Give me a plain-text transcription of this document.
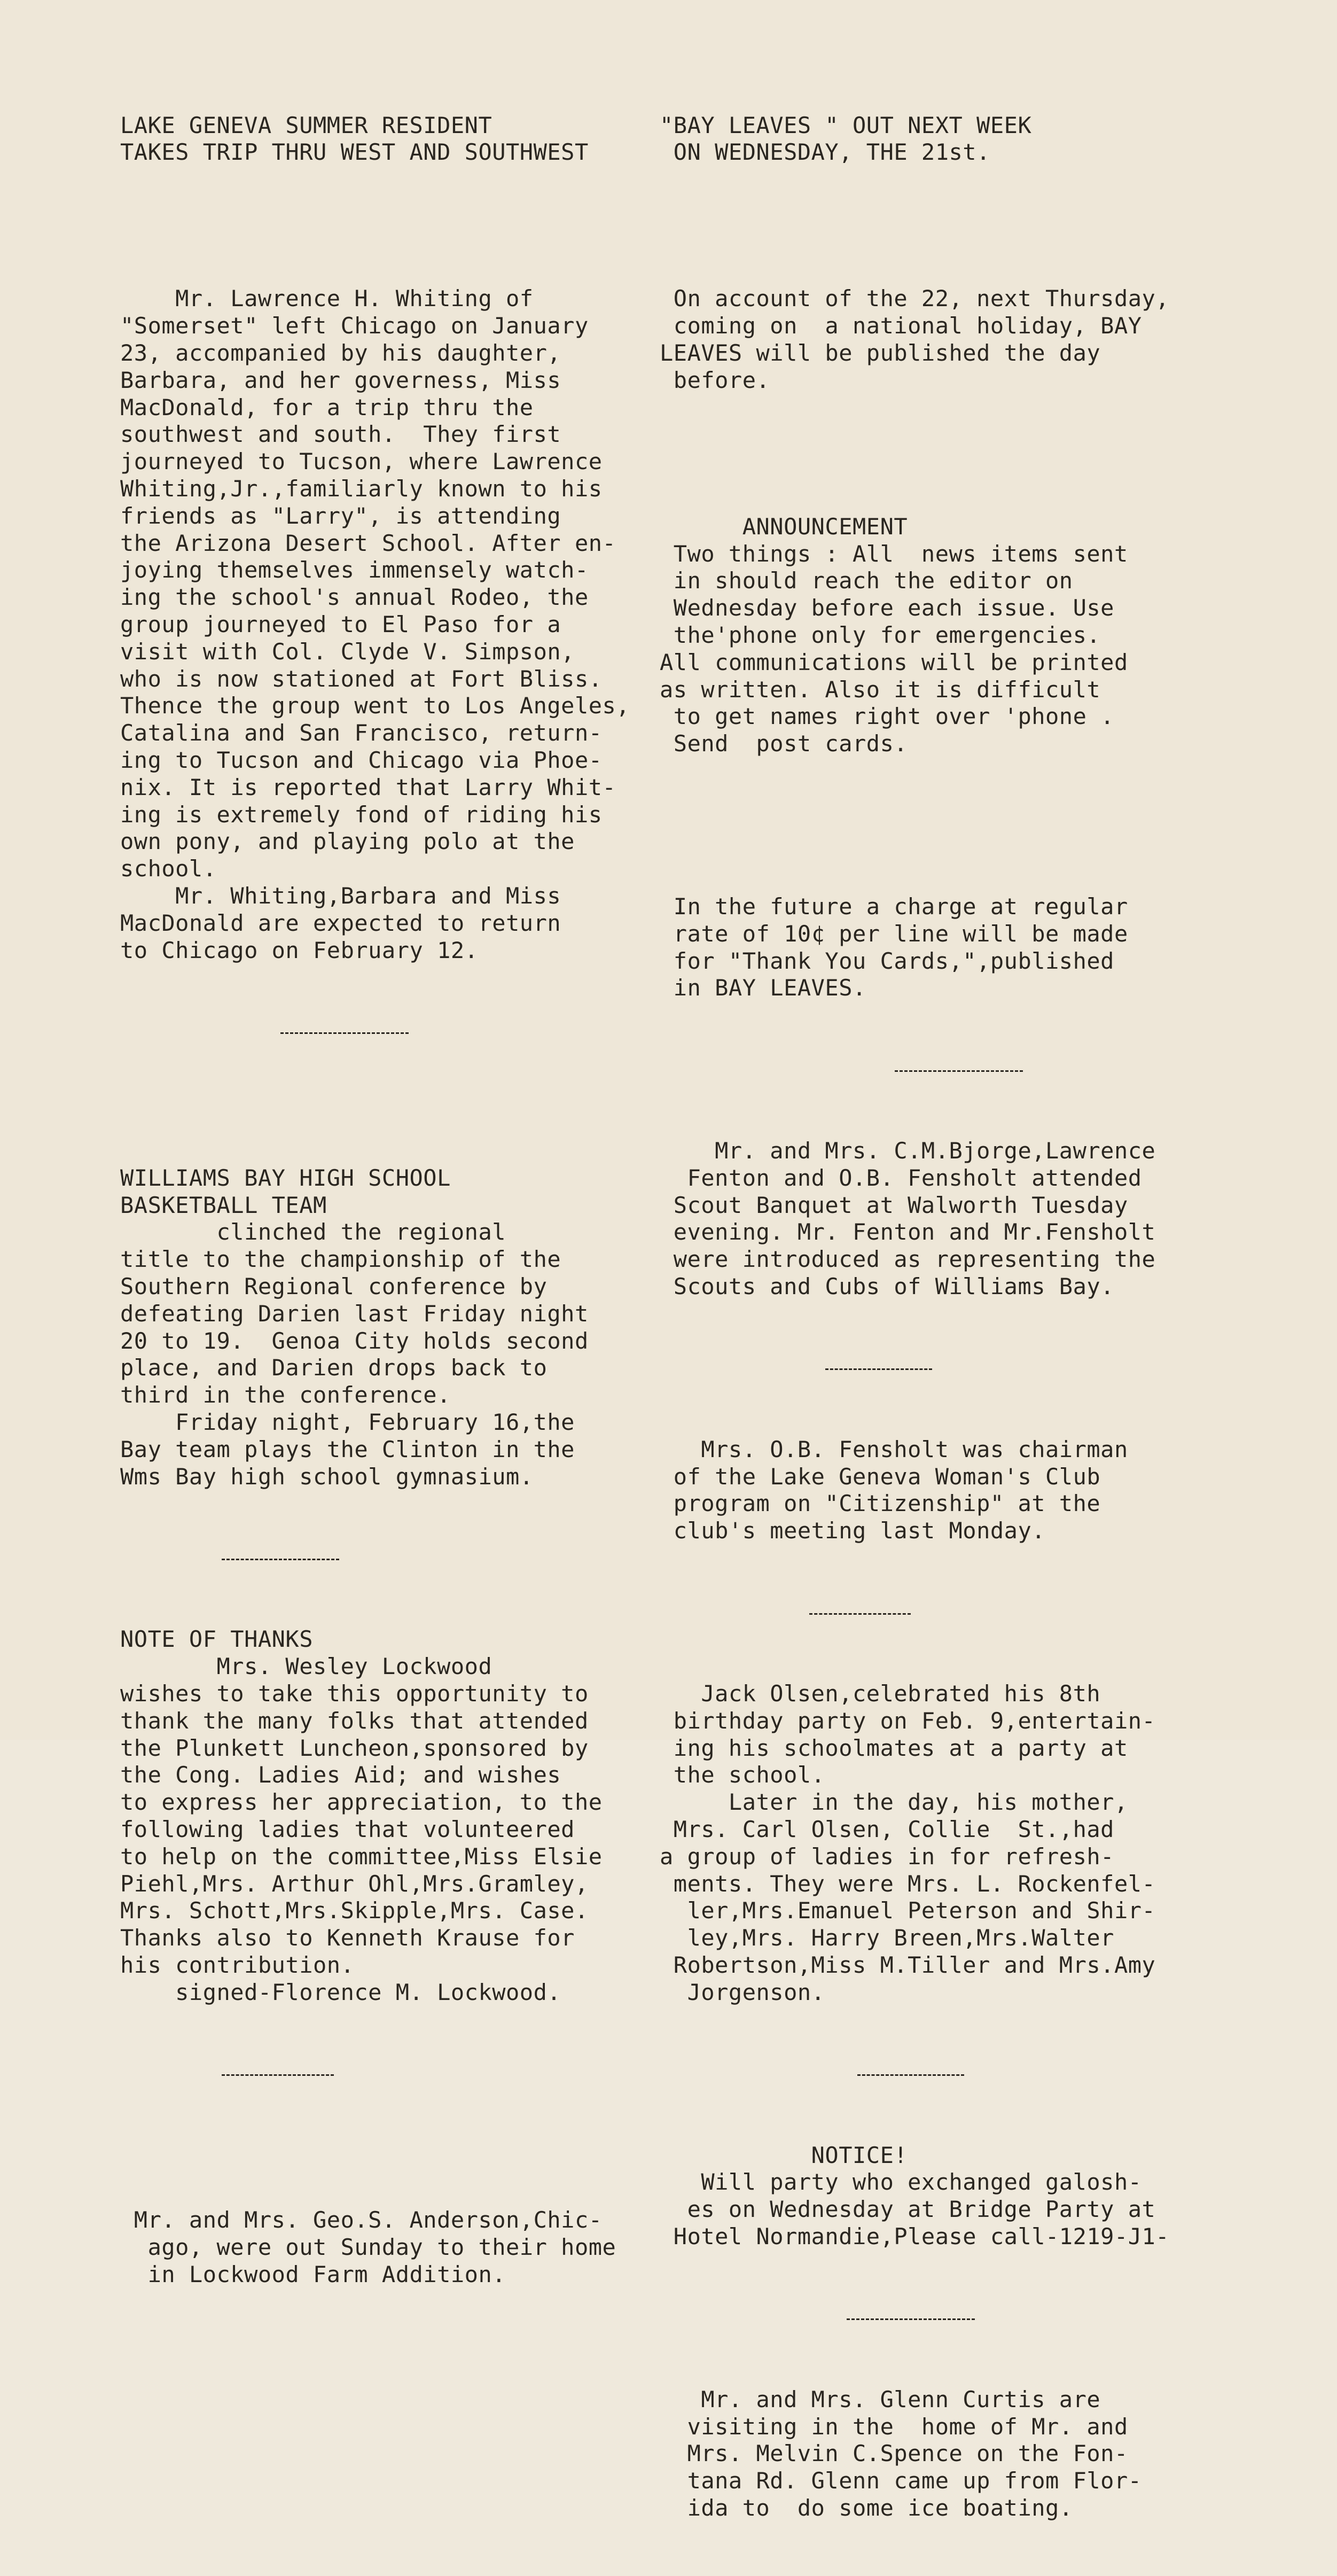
LAKE GENEVA SUMMER RESIDENT
TAKES TRIP THRU WEST AND SOUTHWEST

Mr. Lawrence H. Whiting of
"Somerset" left Chicago on January
23, accompanied by his daughter,
Barbara, and her governess, Miss
MacDonald, for a trip thru the
southwest and south.  They first
journeyed to Tucson, where Lawrence
Whiting,Jr.,familiarly known to his
friends as "Larry", is attending
the Arizona Desert School. After en-
joying themselves immensely watch-
ing the school's annual Rodeo, the
group journeyed to El Paso for a
visit with Col. Clyde V. Simpson,
who is now stationed at Fort Bliss.
Thence the group went to Los Angeles,
Catalina and San Francisco, return-
ing to Tucson and Chicago via Phoe-
nix. It is reported that Larry Whit-
ing is extremely fond of riding his
own pony, and playing polo at the
school.
Mr. Whiting,Barbara and Miss
MacDonald are expected to return
to Chicago on February 12.

WILLIAMS BAY HIGH SCHOOL
BASKETBALL TEAM
clinched the regional
title to the championship of the
Southern Regional conference by
defeating Darien last Friday night
20 to 19.  Genoa City holds second
place, and Darien drops back to
third in the conference.
Friday night, February 16,the
Bay team plays the Clinton in the
Wms Bay high school gymnasium.

NOTE OF THANKS
Mrs. Wesley Lockwood
wishes to take this opportunity to
thank the many folks that attended
the Plunkett Luncheon,sponsored by
the Cong. Ladies Aid; and wishes
to express her appreciation, to the
following ladies that volunteered
to help on the committee,Miss Elsie
Piehl,Mrs. Arthur Ohl,Mrs.Gramley,
Mrs. Schott,Mrs.Skipple,Mrs. Case.
Thanks also to Kenneth Krause for
his contribution.
signed-Florence M. Lockwood.

Mr. and Mrs. Geo.S. Anderson,Chic-
ago, were out Sunday to their home
in Lockwood Farm Addition.

"BAY LEAVES " OUT NEXT WEEK
ON WEDNESDAY, THE 21st.

On account of the 22, next Thursday,
coming on  a national holiday, BAY
LEAVES will be published the day
before.

ANNOUNCEMENT
Two things : All  news items sent
in should reach the editor on
Wednesday before each issue. Use
the'phone only for emergencies.
All communications will be printed
as written. Also it is difficult
to get names right over 'phone .
Send  post cards.

In the future a charge at regular
rate of 10¢ per line will be made
for "Thank You Cards,",published
in BAY LEAVES.

Mr. and Mrs. C.M.Bjorge,Lawrence
Fenton and O.B. Fensholt attended
Scout Banquet at Walworth Tuesday
evening. Mr. Fenton and Mr.Fensholt
were introduced as representing the
Scouts and Cubs of Williams Bay.

Mrs. O.B. Fensholt was chairman
of the Lake Geneva Woman's Club
program on "Citizenship" at the
club's meeting last Monday.

Jack Olsen,celebrated his 8th
birthday party on Feb. 9,entertain-
ing his schoolmates at a party at
the school.
Later in the day, his mother,
Mrs. Carl Olsen, Collie  St.,had
a group of ladies in for refresh-
ments. They were Mrs. L. Rockenfel-
ler,Mrs.Emanuel Peterson and Shir-
ley,Mrs. Harry Breen,Mrs.Walter
Robertson,Miss M.Tiller and Mrs.Amy
Jorgenson.

NOTICE!
Will party who exchanged galosh-
es on Wednesday at Bridge Party at
Hotel Normandie,Please call-1219-J1-

Mr. and Mrs. Glenn Curtis are
visiting in the  home of Mr. and
Mrs. Melvin C.Spence on the Fon-
tana Rd. Glenn came up from Flor-
ida to  do some ice boating.
